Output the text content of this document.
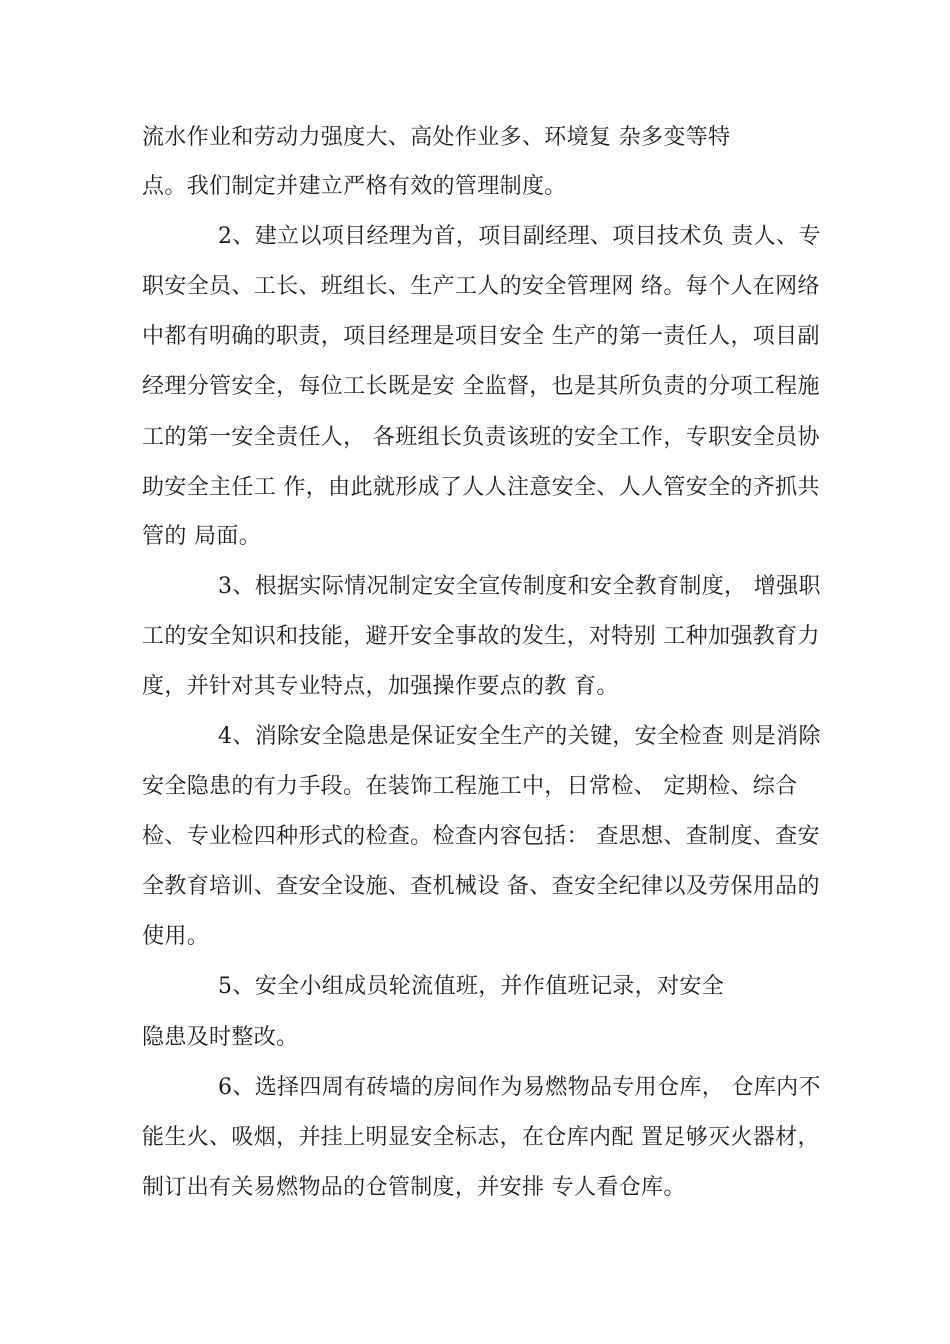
流水作业和劳动力强度大、高处作业多、环境复 杂多变等特
点。我们制定并建立严格有效的管理制度。
2、建立以项目经理为首，项目副经理、项目技术负 责人、专
职安全员、工长、班组长、生产工人的安全管理网 络。每个人在网络
中都有明确的职责，项目经理是项目安全 生产的第一责任人，项目副
经理分管安全，每位工长既是安 全监督，也是其所负责的分项工程施
工的第一安全责任人， 各班组长负责该班的安全工作，专职安全员协
助安全主任工 作，由此就形成了人人注意安全、人人管安全的齐抓共
管的 局面。
3、根据实际情况制定安全宣传制度和安全教育制度， 增强职
工的安全知识和技能，避开安全事故的发生，对特别 工种加强教育力
度，并针对其专业特点，加强操作要点的教 育。
4、消除安全隐患是保证安全生产的关键，安全检查 则是消除
安全隐患的有力手段。在装饰工程施工中，日常检、 定期检、综合
检、专业检四种形式的检查。检查内容包括： 查思想、查制度、查安
全教育培训、查安全设施、查机械设 备、查安全纪律以及劳保用品的
使用。
5、安全小组成员轮流值班，并作值班记录，对安全
隐患及时整改。
6、选择四周有砖墙的房间作为易燃物品专用仓库， 仓库内不
能生火、吸烟，并挂上明显安全标志，在仓库内配 置足够灭火器材，
制订出有关易燃物品的仓管制度，并安排 专人看仓库。
